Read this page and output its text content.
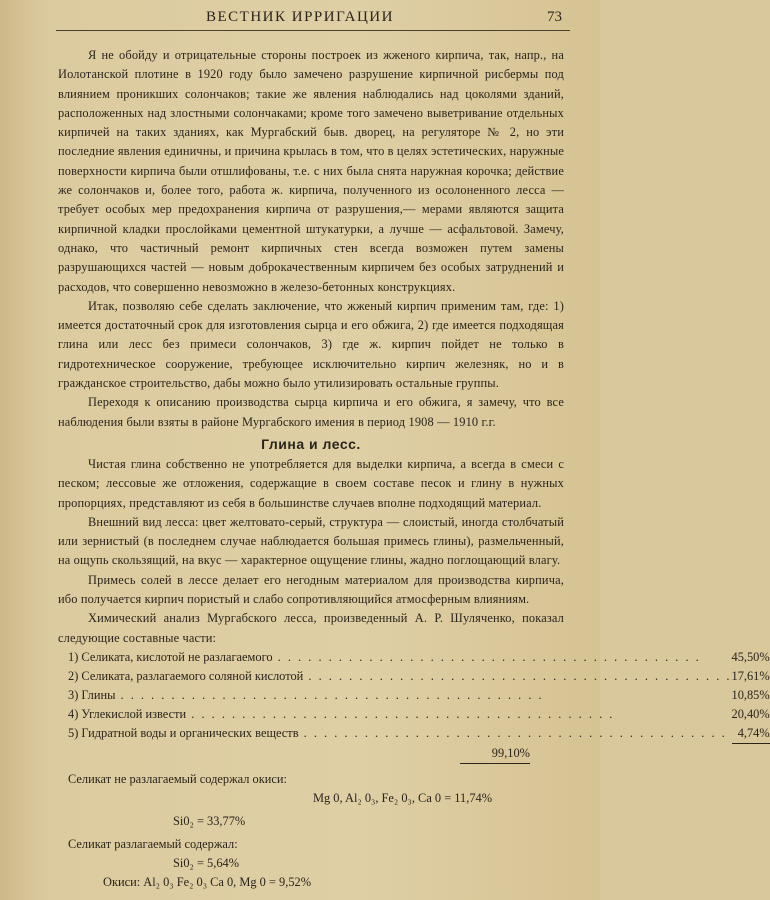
ВЕСТНИК ИРРИГАЦИИ	73

Я не обойду и отрицательные стороны построек из жженого кирпича, так, напр., на Иолотанской плотине в 1920 году было замечено разрушение кирпичной рисбермы под влиянием проникших солончаков; такие же явления наблюдались над цоколями зданий, расположенных над злостными солончаками; кроме того замечено выветривание отдельных кирпичей на таких зданиях, как Мургабский быв. дворец, на регуляторе № 2, но эти последние явления единичны, и причина крылась в том, что в целях эстетических, наружные поверхности кирпича были отшлифованы, т.е. с них была снята наружная корочка; действие же солончаков и, более того, работа ж. кирпича, полученного из осолоненного лесса — требует особых мер предохранения кирпича от разрушения,— мерами являются защита кирпичной кладки прослойками цементной штукатурки, а лучше — асфальтовой. Замечу, однако, что частичный ремонт кирпичных стен всегда возможен путем замены разрушающихся частей — новым доброкачественным кирпичем без особых затруднений и расходов, что совершенно невозможно в железо-бетонных конструкциях.

Итак, позволяю себе сделать заключение, что жженый кирпич применим там, где: 1) имеется достаточный срок для изготовления сырца и его обжига, 2) где имеется подходящая глина или лесс без примеси солончаков, 3) где ж. кирпич пойдет не только в гидротехническое сооружение, требующее исключительно кирпич железняк, но и в гражданское строительство, дабы можно было утилизировать остальные группы.

Переходя к описанию производства сырца кирпича и его обжига, я замечу, что все наблюдения были взяты в районе Мургабского имения в период 1908 — 1910 г.г.

Глина и лесс.

Чистая глина собственно не употребляется для выделки кирпича, а всегда в смеси с песком; лессовые же отложения, содержащие в своем составе песок и глину в нужных пропорциях, представляют из себя в большинстве случаев вполне подходящий материал.

Внешний вид лесса: цвет желтовато-серый, структура — слоистый, иногда столбчатый или зернистый (в последнем случае наблюдается большая примесь глины), размельченный, на ощупь скользящий, на вкус — характерное ощущение глины, жадно поглощающий влагу.

Примесь солей в лессе делает его негодным материалом для производства кирпича, ибо получается кирпич пористый и слабо сопротивляющийся атмосферным влияниям.

Химический анализ Мургабского лесса, произведенный А. Р. Шуляченко, показал следующие составные части:

1) Селиката, кислотой не разлагаемого . . .	45,50%
2) Селиката, разлагаемого соляной кислотой . . .	17,61%
3) Глины . . .	10,85%
4) Углекислой извести . . .	20,40%
5) Гидратной воды и органических веществ . . .	4,74%
99,10%
Селикат не разлагаемый содержал окиси:
Mg 0, Al₂ 0₃, Fe₂ 0₃, Ca 0 = 11,74%
Si0₂ = 33,77%
Селикат разлагаемый содержал:
Si0₂ = 5,64%
Окиси: Al₂ 0₃ Fe₂ 0₃ Ca 0, Mg 0 = 9,52%
